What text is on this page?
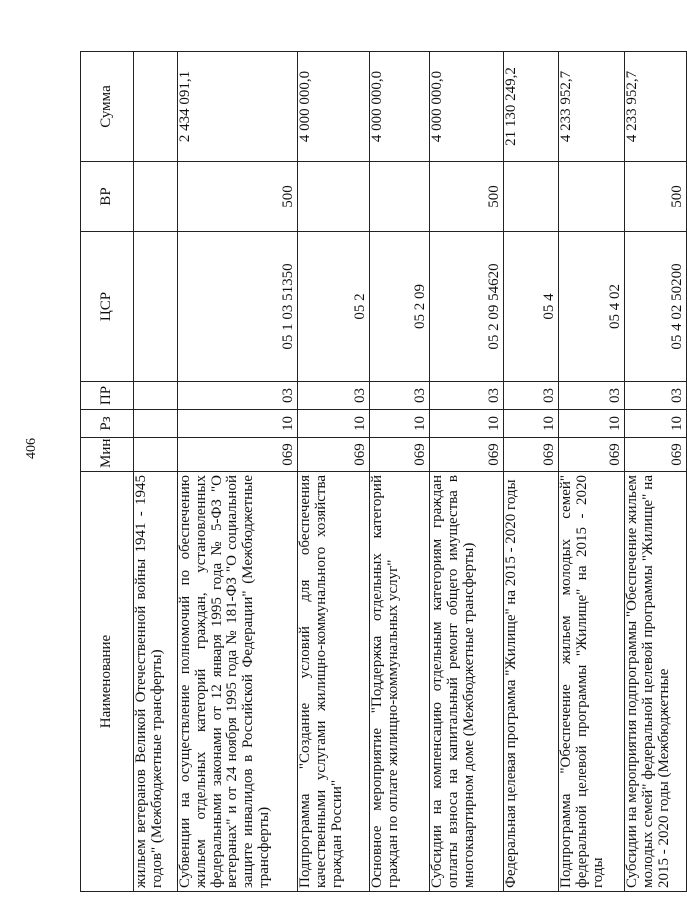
406
Наименование	Мин	Рз	ПР	ЦСР	ВР	Сумма
жильем ветеранов Великой Отечественной войны 1941 - 1945 годов" (Межбюджетные трансферты)						
Субвенции на осуществление полномочий по обеспечению жильем отдельных категорий граждан, установленных федеральными законами от 12 января 1995 года № 5-ФЗ "О ветеранах" и от 24 ноября 1995 года № 181-ФЗ "О социальной защите инвалидов в Российской Федерации" (Межбюджетные трансферты)	069	10	03	05 1 03 51350	500	2 434 091,1
Подпрограмма "Создание условий для обеспечения качественными услугами жилищно-коммунального хозяйства граждан России"	069	10	03	05 2		4 000 000,0
Основное мероприятие "Поддержка отдельных категорий граждан по оплате жилищно-коммунальных услуг"	069	10	03	05 2 09		4 000 000,0
Субсидии на компенсацию отдельным категориям граждан оплаты взноса на капитальный ремонт общего имущества в многоквартирном доме (Межбюджетные трансферты)	069	10	03	05 2 09 54620	500	4 000 000,0
Федеральная целевая программа "Жилище" на 2015 - 2020 годы	069	10	03	05 4		21 130 249,2
Подпрограмма "Обеспечение жильем молодых семей" федеральной целевой программы "Жилище" на 2015 - 2020 годы	069	10	03	05 4 02		4 233 952,7
Субсидии на мероприятия подпрограммы "Обеспечение жильем молодых семей" федеральной целевой программы "Жилище" на 2015 - 2020 годы (Межбюджетные	069	10	03	05 4 02 50200	500	4 233 952,7
